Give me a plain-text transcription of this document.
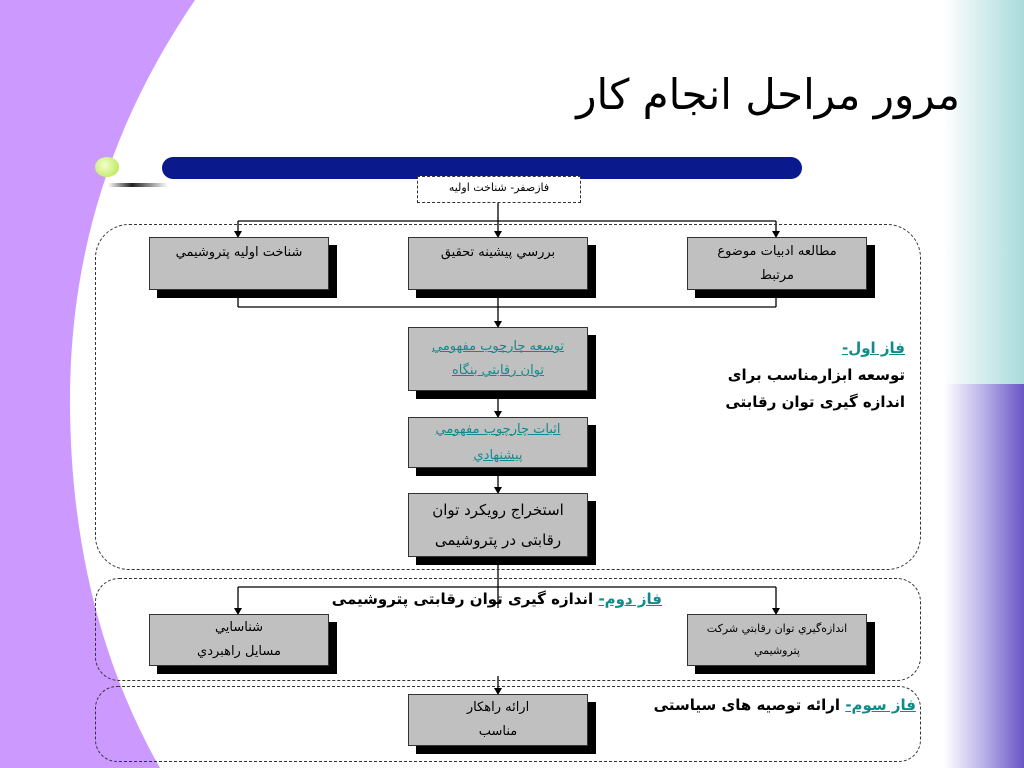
مرور مراحل انجام كار
فازصفر- شناخت اوليه
مطالعه ادبيات موضوع
مرتبط
بررسي پيشينه تحقيق
شناخت اوليه پتروشيمي
توسعه چارچوب مفهومي
توان رقابتي بنگاه
اثبات چارچوب مفهومي
پيشنهادي
استخراج رويکرد توان
رقابتی در پتروشیمی
فاز اول-
توسعه ابزارمناسب برای
اندازه گیری توان رقابتی
فاز دوم- اندازه گیری توان رقابتی پتروشیمی
اندازه‌گيري توان رقابتي شركت
پتروشيمي
شناسايي
مسايل راهبردي
فاز سوم- ارائه توصیه های سياستی
ارائه راهكار
مناسب
